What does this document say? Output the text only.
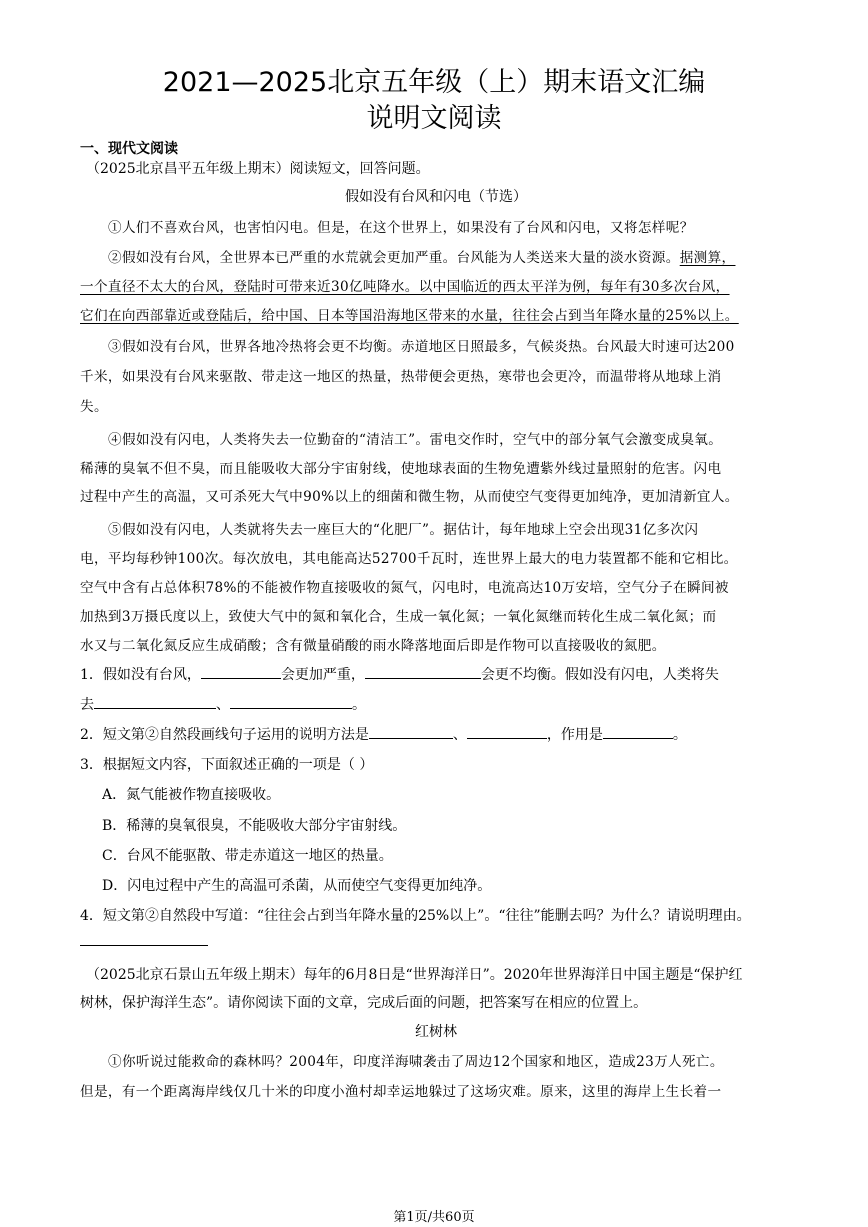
2021—2025北京五年级（上）期末语文汇编
说明文阅读
一、现代文阅读
（2025北京昌平五年级上期末）阅读短文，回答问题。
假如没有台风和闪电（节选）
①人们不喜欢台风，也害怕闪电。但是，在这个世界上，如果没有了台风和闪电，又将怎样呢？
②假如没有台风，全世界本已严重的水荒就会更加严重。台风能为人类送来大量的淡水资源。据测算，
一个直径不太大的台风，登陆时可带来近30亿吨降水。以中国临近的西太平洋为例，每年有30多次台风，
它们在向西部靠近或登陆后，给中国、日本等国沿海地区带来的水量，往往会占到当年降水量的25%以上。
③假如没有台风，世界各地冷热将会更不均衡。赤道地区日照最多，气候炎热。台风最大时速可达200
千米，如果没有台风来驱散、带走这一地区的热量，热带便会更热，寒带也会更冷，而温带将从地球上消
失。
④假如没有闪电，人类将失去一位勤奋的“清洁工”。雷电交作时，空气中的部分氧气会激变成臭氧。
稀薄的臭氧不但不臭，而且能吸收大部分宇宙射线，使地球表面的生物免遭紫外线过量照射的危害。闪电
过程中产生的高温，又可杀死大气中90%以上的细菌和微生物，从而使空气变得更加纯净，更加清新宜人。
⑤假如没有闪电，人类就将失去一座巨大的“化肥厂”。据估计，每年地球上空会出现31亿多次闪
电，平均每秒钟100次。每次放电，其电能高达52700千瓦时，连世界上最大的电力装置都不能和它相比。
空气中含有占总体积78%的不能被作物直接吸收的氮气，闪电时，电流高达10万安培，空气分子在瞬间被
加热到3万摄氏度以上，致使大气中的氮和氧化合，生成一氧化氮；一氧化氮继而转化生成二氧化氮；而
水又与二氧化氮反应生成硝酸；含有微量硝酸的雨水降落地面后即是作物可以直接吸收的氮肥。
1．假如没有台风，	会更加严重，	会更不均衡。假如没有闪电，人类将失
去	、	。
2．短文第②自然段画线句子运用的说明方法是	、	，作用是	。
3．根据短文内容，下面叙述正确的一项是（ ）
A．氮气能被作物直接吸收。
B．稀薄的臭氧很臭，不能吸收大部分宇宙射线。
C．台风不能驱散、带走赤道这一地区的热量。
D．闪电过程中产生的高温可杀菌，从而使空气变得更加纯净。
4．短文第②自然段中写道：“往往会占到当年降水量的25%以上”。“往往”能删去吗？为什么？请说明理由。
（2025北京石景山五年级上期末）每年的6月8日是“世界海洋日”。2020年世界海洋日中国主题是“保护红
树林，保护海洋生态”。请你阅读下面的文章，完成后面的问题，把答案写在相应的位置上。
红树林
①你听说过能救命的森林吗？2004年，印度洋海啸袭击了周边12个国家和地区，造成23万人死亡。
但是，有一个距离海岸线仅几十米的印度小渔村却幸运地躲过了这场灾难。原来，这里的海岸上生长着一
第1页/共60页
